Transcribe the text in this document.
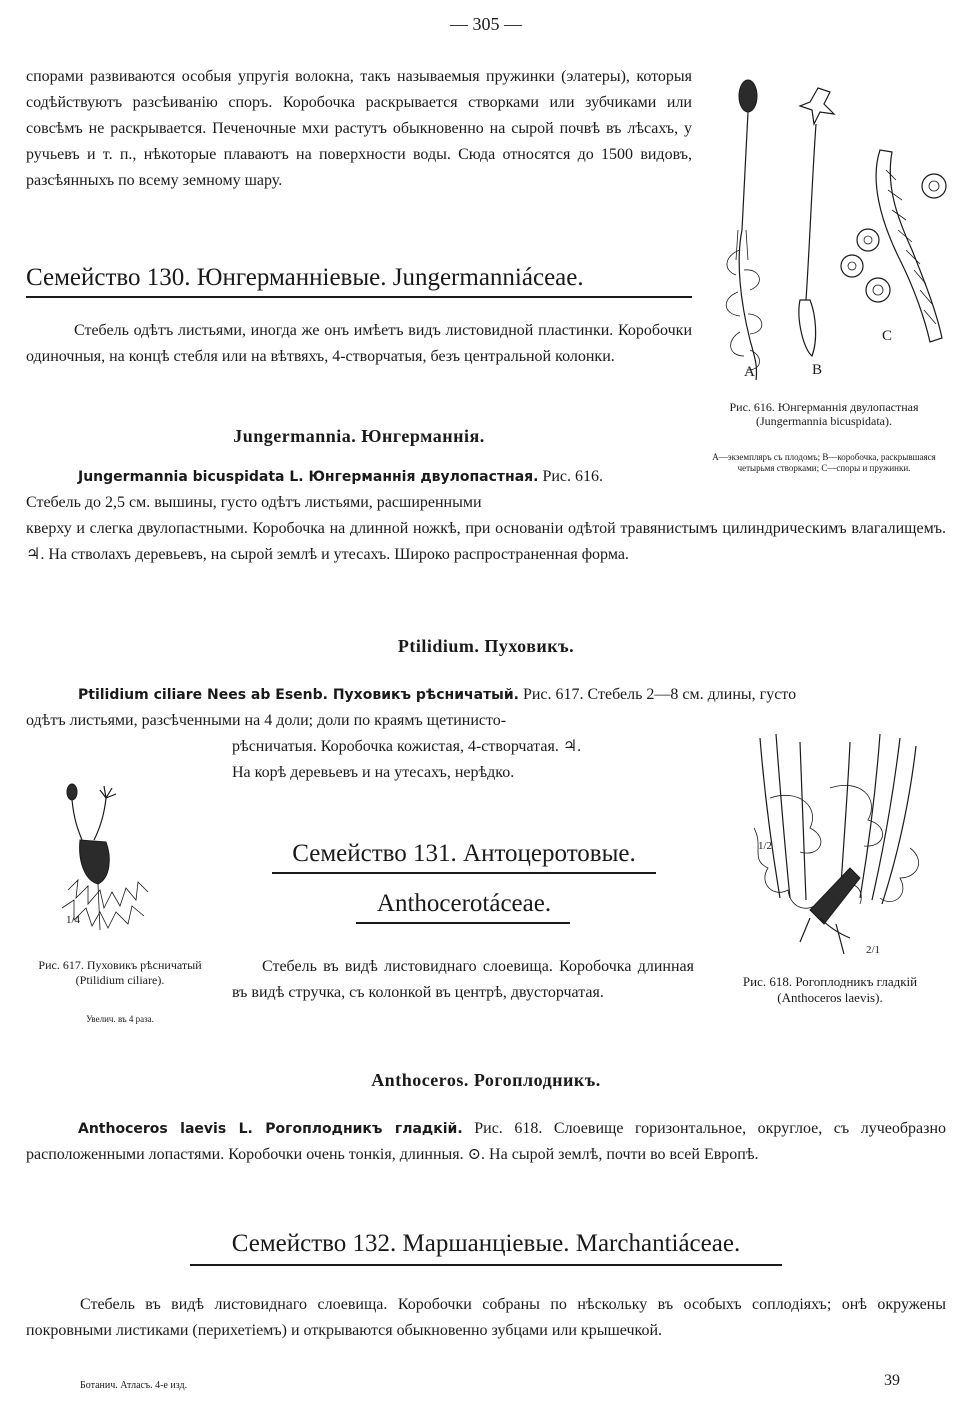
— 305 —
спорами развиваются особыя упругія волокна, такъ называемыя пружинки (элатеры), которыя содѣйствуютъ разсѣиванію споръ. Коробочка раскрывается створками или зубчиками или совсѣмъ не раскрывается. Печеночные мхи растутъ обыкновенно на сырой почвѣ въ лѣсахъ, у ручьевъ и т. п., нѣкоторые плаваютъ на поверхности воды. Сюда относятся до 1500 видовъ, разсѣянныхъ по всему земному шару.
Семейство 130. Юнгерманніевые. Jungermanniáceae.
Стебель одѣтъ листьями, иногда же онъ имѣетъ видъ листовидной пластинки. Коробочки одиночныя, на концѣ стебля или на вѣтвяхъ, 4-створчатыя, безъ центральной колонки.
Jungermannia. Юнгерманнія.
Jungermannia bicuspidata L. Юнгерманнія двулопастная. Рис. 616.
Стебель до 2,5 см. вышины, густо одѣтъ листьями, расширенными
кверху и слегка двулопастными. Коробочка на длинной ножкѣ, при основаніи одѣтой травянистымъ цилиндрическимъ влагалищемъ. ♃. На стволахъ деревьевъ, на сырой землѣ и утесахъ. Широко распространенная форма.
A	B
C
Рис. 616. Юнгерманнія двулопастная (Jungermannia bicuspidata).
А—экземпляръ съ плодомъ; В—коробочка, раскрывшаяся четырьмя створками; С—споры и пружинки.
Ptilidium. Пуховикъ.
Ptilidium ciliare Nees ab Esenb. Пуховикъ рѣсничатый. Рис. 617. Стебель 2—8 см. длины, густо
одѣтъ листьями, разсѣченными на 4 доли; доли по краямъ щетинисто-
рѣсничатыя. Коробочка кожистая, 4-створчатая. ♃.
На корѣ деревьевъ и на утесахъ, нерѣдко.
1/4
Рис. 617. Пуховикъ рѣсничатый (Ptilidium ciliare).
Увелич. въ 4 раза.
Семейство 131. Антоцеротовые.
Anthocerotáceae.
Стебель въ видѣ листовиднаго слоевища. Коробочка длинная въ видѣ стручка, съ колонкой въ центрѣ, двусторчатая.
1/2
2/1
Рис. 618. Рогоплодникъ гладкій (Anthoceros laevis).
Anthoceros. Рогоплодникъ.
Anthoceros laevis L. Рогоплодникъ гладкій. Рис. 618. Слоевище горизонтальное, округлое, съ лучеобразно расположенными лопастями. Коробочки очень тонкія, длинныя. ⊙. На сырой землѣ, почти во всей Европѣ.
Семейство 132. Маршанціевые. Marchantiáceae.
Стебель въ видѣ листовиднаго слоевища. Коробочки собраны по нѣскольку въ особыхъ соплодіяхъ; онѣ окружены покровными листиками (перихетіемъ) и открываются обыкновенно зубцами или крышечкой.
Ботанич. Атласъ. 4-е изд.	39
